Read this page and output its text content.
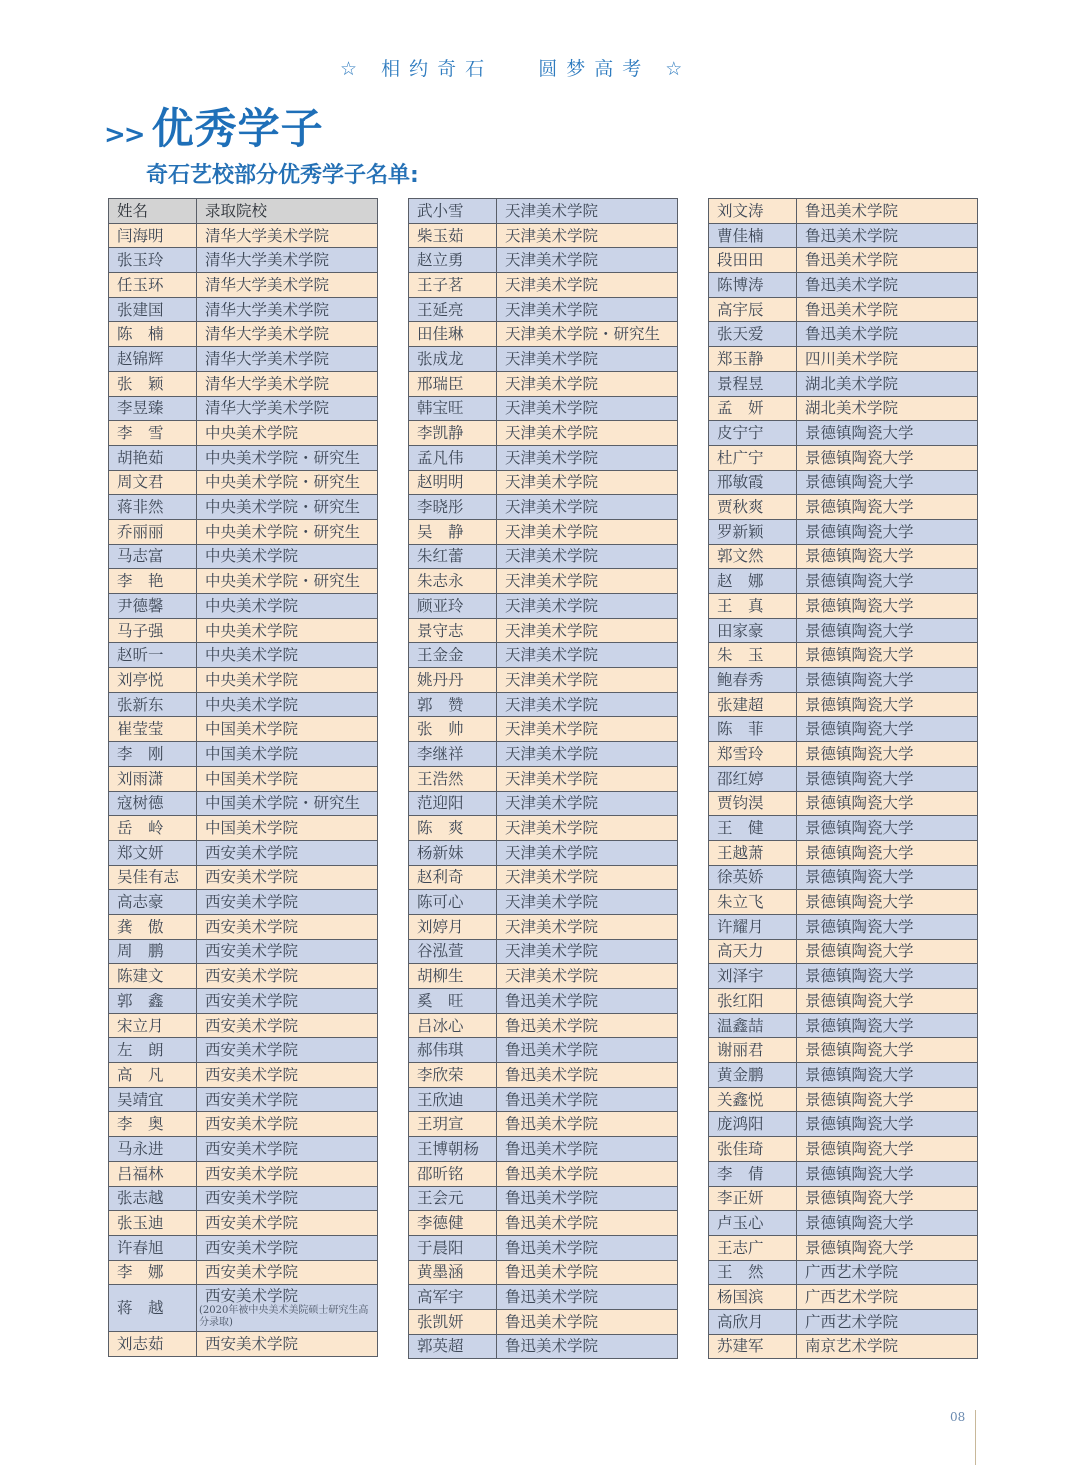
☆ 相约奇石   圆梦高考 ☆
>> 优秀学子
奇石艺校部分优秀学子名单:
姓名	录取院校
闫海明	清华大学美术学院
张玉玲	清华大学美术学院
任玉环	清华大学美术学院
张建国	清华大学美术学院
陈　楠	清华大学美术学院
赵锦辉	清华大学美术学院
张　颖	清华大学美术学院
李昱臻	清华大学美术学院
李　雪	中央美术学院
胡艳茹	中央美术学院・研究生
周文君	中央美术学院・研究生
蒋非然	中央美术学院・研究生
乔丽丽	中央美术学院・研究生
马志富	中央美术学院
李　艳	中央美术学院・研究生
尹德馨	中央美术学院
马子强	中央美术学院
赵昕一	中央美术学院
刘亭悦	中央美术学院
张新东	中央美术学院
崔莹莹	中国美术学院
李　刚	中国美术学院
刘雨潇	中国美术学院
寇树德	中国美术学院・研究生
岳　岭	中国美术学院
郑文妍	西安美术学院
吴佳有志	西安美术学院
高志豪	西安美术学院
龚　傲	西安美术学院
周　鹏	西安美术学院
陈建文	西安美术学院
郭　鑫	西安美术学院
宋立月	西安美术学院
左　朗	西安美术学院
高　凡	西安美术学院
吴靖宜	西安美术学院
李　奥	西安美术学院
马永进	西安美术学院
吕福林	西安美术学院
张志越	西安美术学院
张玉迪	西安美术学院
许春旭	西安美术学院
李　娜	西安美术学院
蒋　越	西安美术学院
(2020年被中央美术美院硕士研究生高分录取)

刘志茹	西安美术学院
武小雪	天津美术学院
柴玉茹	天津美术学院
赵立勇	天津美术学院
王子茗	天津美术学院
王延亮	天津美术学院
田佳琳	天津美术学院・研究生
张成龙	天津美术学院
邢瑞臣	天津美术学院
韩宝旺	天津美术学院
李凯静	天津美术学院
孟凡伟	天津美术学院
赵明明	天津美术学院
李晓彤	天津美术学院
吴　静	天津美术学院
朱红蕾	天津美术学院
朱志永	天津美术学院
顾亚玲	天津美术学院
景守志	天津美术学院
王金金	天津美术学院
姚丹丹	天津美术学院
郭　赞	天津美术学院
张　帅	天津美术学院
李继祥	天津美术学院
王浩然	天津美术学院
范迎阳	天津美术学院
陈　爽	天津美术学院
杨新妹	天津美术学院
赵利奇	天津美术学院
陈可心	天津美术学院
刘婷月	天津美术学院
谷泓萱	天津美术学院
胡柳生	天津美术学院
奚　旺	鲁迅美术学院
吕冰心	鲁迅美术学院
郝伟琪	鲁迅美术学院
李欣荣	鲁迅美术学院
王欣迪	鲁迅美术学院
王玥宣	鲁迅美术学院
王博朝杨	鲁迅美术学院
邵昕铭	鲁迅美术学院
王会元	鲁迅美术学院
李德健	鲁迅美术学院
于晨阳	鲁迅美术学院
黄墨涵	鲁迅美术学院
高军宇	鲁迅美术学院
张凯妍	鲁迅美术学院
郭英超	鲁迅美术学院
刘文涛	鲁迅美术学院
曹佳楠	鲁迅美术学院
段田田	鲁迅美术学院
陈博涛	鲁迅美术学院
高宇辰	鲁迅美术学院
张天爱	鲁迅美术学院
郑玉静	四川美术学院
景程昱	湖北美术学院
孟　妍	湖北美术学院
皮宁宁	景德镇陶瓷大学
杜广宁	景德镇陶瓷大学
邢敏霞	景德镇陶瓷大学
贾秋爽	景德镇陶瓷大学
罗新颖	景德镇陶瓷大学
郭文然	景德镇陶瓷大学
赵　娜	景德镇陶瓷大学
王　真	景德镇陶瓷大学
田家豪	景德镇陶瓷大学
朱　玉	景德镇陶瓷大学
鲍春秀	景德镇陶瓷大学
张建超	景德镇陶瓷大学
陈　菲	景德镇陶瓷大学
郑雪玲	景德镇陶瓷大学
邵红婷	景德镇陶瓷大学
贾钧淏	景德镇陶瓷大学
王　健	景德镇陶瓷大学
王越萧	景德镇陶瓷大学
徐英娇	景德镇陶瓷大学
朱立飞	景德镇陶瓷大学
许耀月	景德镇陶瓷大学
高天力	景德镇陶瓷大学
刘泽宇	景德镇陶瓷大学
张红阳	景德镇陶瓷大学
温鑫喆	景德镇陶瓷大学
谢丽君	景德镇陶瓷大学
黄金鹏	景德镇陶瓷大学
关鑫悦	景德镇陶瓷大学
庞鸿阳	景德镇陶瓷大学
张佳琦	景德镇陶瓷大学
李　倩	景德镇陶瓷大学
李正妍	景德镇陶瓷大学
卢玉心	景德镇陶瓷大学
王志广	景德镇陶瓷大学
王　然	广西艺术学院
杨国滨	广西艺术学院
高欣月	广西艺术学院
苏建军	南京艺术学院
08
